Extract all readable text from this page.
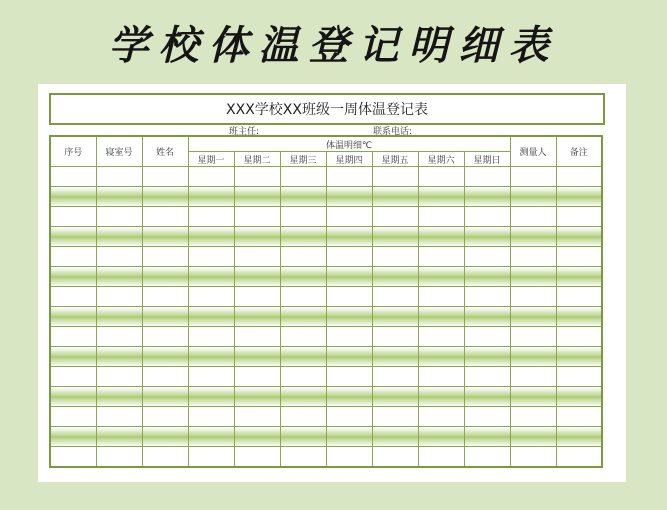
学校体温登记明细表
XXX学校XX班级一周体温登记表
班主任:	联系电话:
序号	寝室号	姓名	体温明细℃							测量人	备注
			星期一	星期二	星期三	星期四	星期五	星期六	星期日		
